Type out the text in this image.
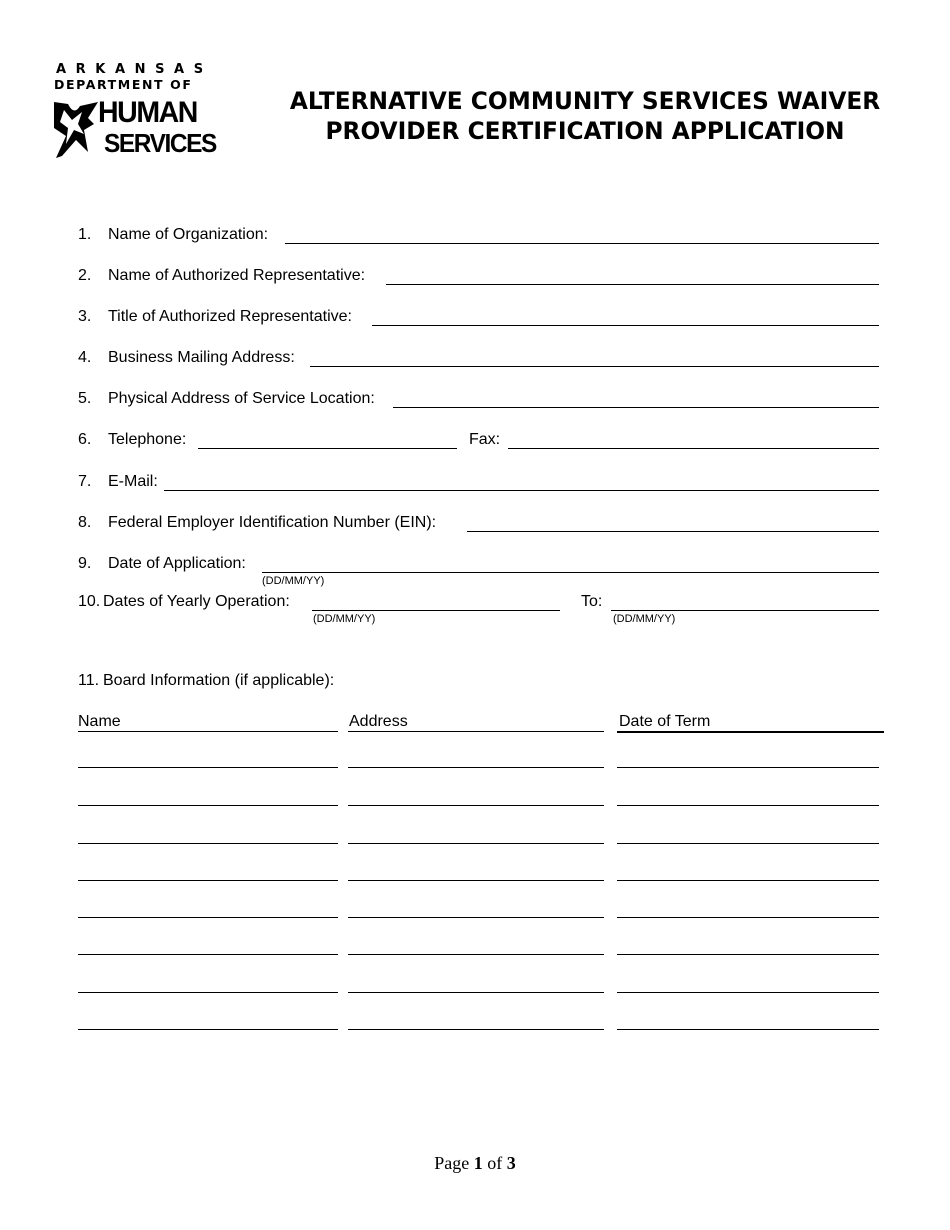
ARKANSAS
DEPARTMENT OF
HUMAN
SERVICES
ALTERNATIVE COMMUNITY SERVICES WAIVER
PROVIDER CERTIFICATION APPLICATION
1. Name of Organization:
2. Name of Authorized Representative:
3. Title of Authorized Representative:
4. Business Mailing Address:
5. Physical Address of Service Location:
6. Telephone:	Fax:
7. E-Mail:
8. Federal Employer Identification Number (EIN):
9. Date of Application:
(DD/MM/YY)
10. Dates of Yearly Operation:
(DD/MM/YY)
To:
(DD/MM/YY)
11. Board Information (if applicable):
Name	Address	Date of Term
Page 1 of 3
